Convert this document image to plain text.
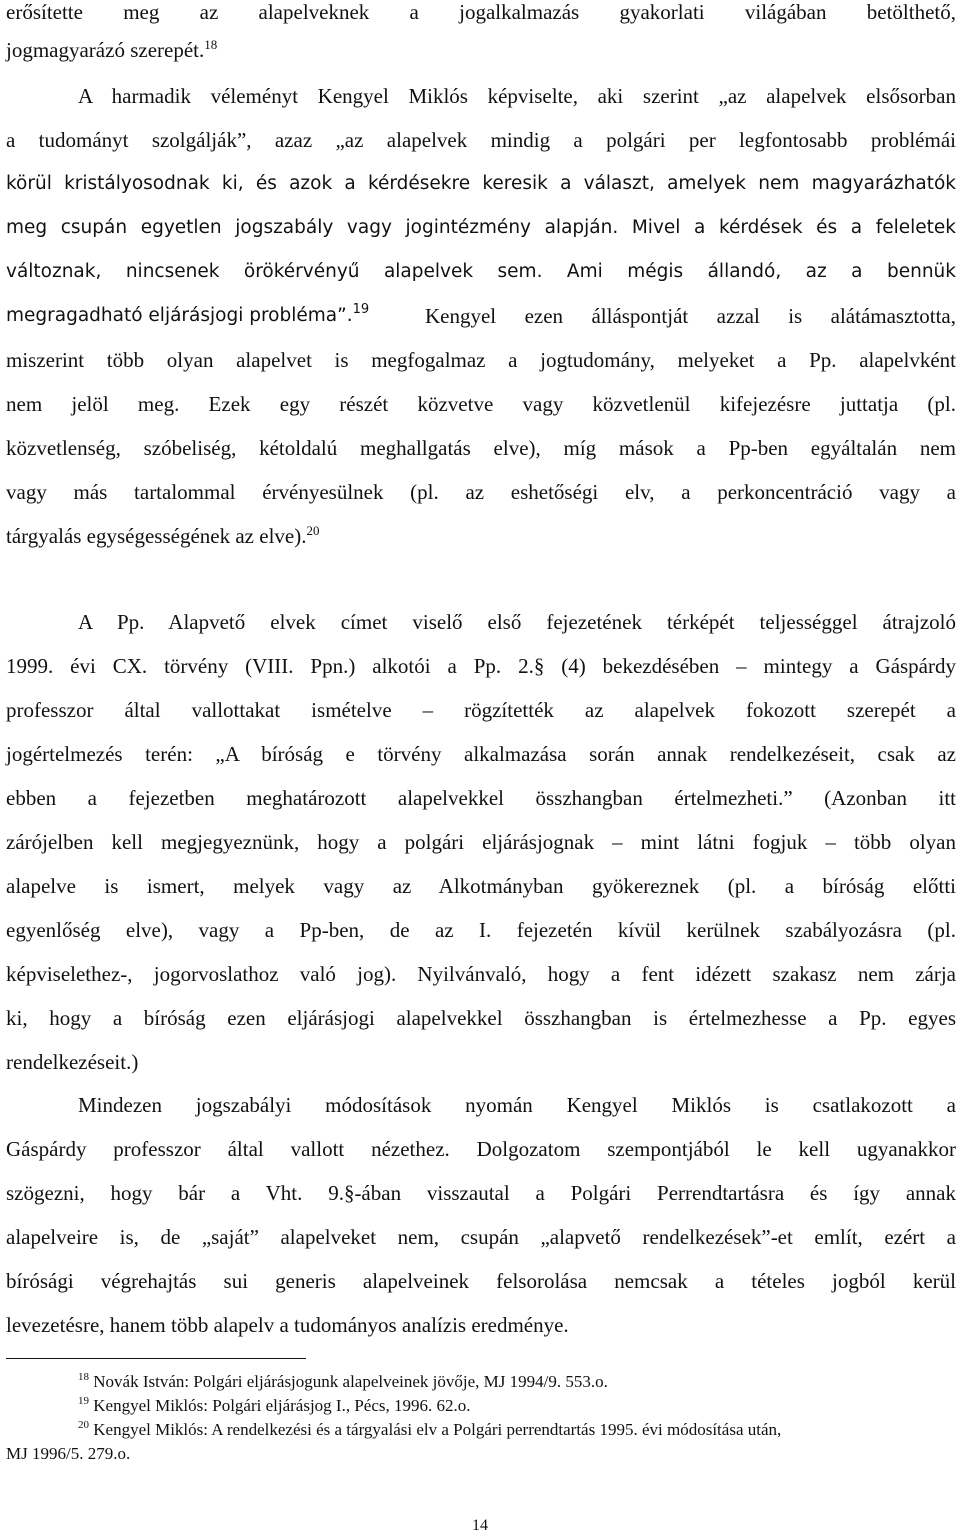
erősítette meg az alapelveknek a jogalkalmazás gyakorlati világában betölthető,
jogmagyarázó szerepét.$^{18}$
A harmadik véleményt Kengyel Miklós képviselte, aki szerint „az alapelvek elsősorban
a tudományt szolgálják”, azaz „az alapelvek mindig a polgári per legfontosabb problémái
körül kristályosodnak ki, és azok a kérdésekre keresik a választ, amelyek nem magyarázhatók
meg csupán egyetlen jogszabály vagy jogintézmény alapján. Mivel a kérdések és a feleletek
változnak, nincsenek örökérvényű alapelvek sem. Ami mégis állandó, az a bennük
megragadható eljárásjogi probléma”.$^{19}$	Kengyel ezen álláspontját azzal is alátámasztotta,
miszerint több olyan alapelvet is megfogalmaz a jogtudomány, melyeket a Pp. alapelvként
nem jelöl meg. Ezek egy részét közvetve vagy közvetlenül kifejezésre juttatja (pl.
közvetlenség, szóbeliség, kétoldalú meghallgatás elve), míg mások a Pp-ben egyáltalán nem
vagy más tartalommal érvényesülnek (pl. az eshetőségi elv, a perkoncentráció vagy a
tárgyalás egységességének az elve).$^{20}$
A Pp. Alapvető elvek címet viselő első fejezetének térképét teljességgel átrajzoló
1999. évi CX. törvény (VIII. Ppn.) alkotói a Pp. 2.§ (4) bekezdésében – mintegy a Gáspárdy
professzor által vallottakat ismételve – rögzítették az alapelvek fokozott szerepét a
jogértelmezés terén: „A bíróság e törvény alkalmazása során annak rendelkezéseit, csak az
ebben a fejezetben meghatározott alapelvekkel összhangban értelmezheti.” (Azonban itt
zárójelben kell megjegyeznünk, hogy a polgári eljárásjognak – mint látni fogjuk – több olyan
alapelve is ismert, melyek vagy az Alkotmányban gyökereznek (pl. a bíróság előtti
egyenlőség elve), vagy a Pp-ben, de az I. fejezetén kívül kerülnek szabályozásra (pl.
képviselethez-, jogorvoslathoz való jog). Nyilvánvaló, hogy a fent idézett szakasz nem zárja
ki, hogy a bíróság ezen eljárásjogi alapelvekkel összhangban is értelmezhesse a Pp. egyes
rendelkezéseit.)
Mindezen jogszabályi módosítások nyomán Kengyel Miklós is csatlakozott a
Gáspárdy professzor által vallott nézethez. Dolgozatom szempontjából le kell ugyanakkor
szögezni, hogy bár a Vht. 9.§-ában visszautal a Polgári Perrendtartásra és így annak
alapelveire is, de „saját” alapelveket nem, csupán „alapvető rendelkezések”-et említ, ezért a
bírósági végrehajtás sui generis alapelveinek felsorolása nemcsak a tételes jogból kerül
levezetésre, hanem több alapelv a tudományos analízis eredménye.
$^{18}$ Novák István: Polgári eljárásjogunk alapelveinek jövője, MJ 1994/9. 553.o.
$^{19}$ Kengyel Miklós: Polgári eljárásjog I., Pécs, 1996. 62.o.
$^{20}$ Kengyel Miklós: A rendelkezési és a tárgyalási elv a Polgári perrendtartás 1995. évi módosítása után,
MJ 1996/5. 279.o.
14
